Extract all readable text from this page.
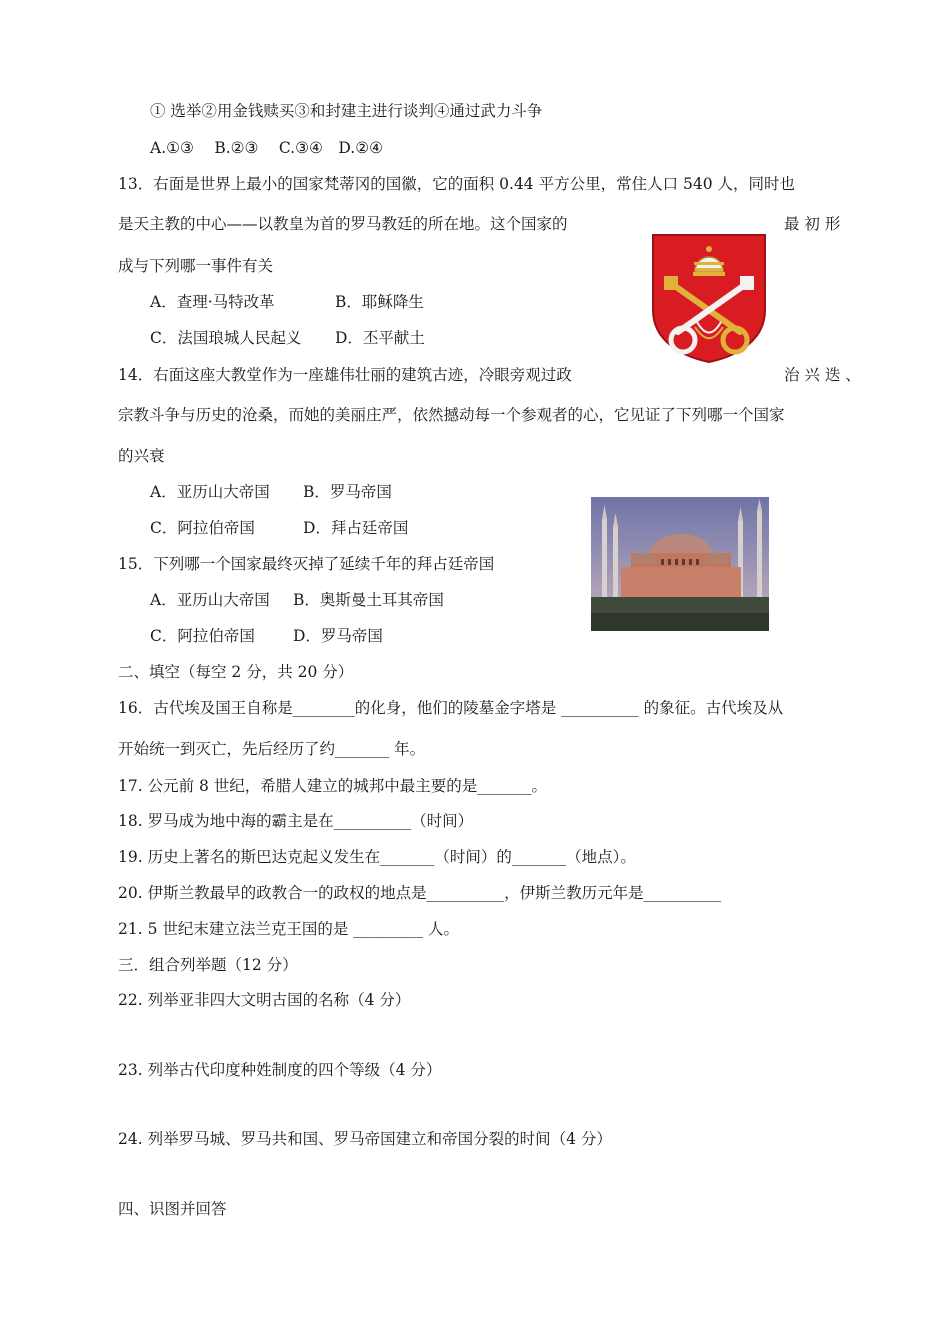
① 选举②用金钱赎买③和封建主进行谈判④通过武力斗争
A.①③　 B.②③　 C.③④　D.②④
13．右面是世界上最小的国家梵蒂冈的国徽，它的面积 0.44 平方公里，常住人口 540 人，同时也
是天主教的中心——以教皇为首的罗马教廷的所在地。这个国家的	最 初 形
成与下列哪一事件有关
A．查理·马特改革	B．耶稣降生
C．法国琅城人民起义 D．丕平献土
14．右面这座大教堂作为一座雄伟壮丽的建筑古迹，冷眼旁观过政	治 兴 迭 、
宗教斗争与历史的沧桑，而她的美丽庄严，依然撼动每一个参观者的心，它见证了下列哪一个国家
的兴衰
A．亚历山大帝国 B．罗马帝国
C．阿拉伯帝国	D．拜占廷帝国
15．下列哪一个国家最终灭掉了延续千年的拜占廷帝国
A．亚历山大帝国 B．奥斯曼土耳其帝国
C．阿拉伯帝国 D．罗马帝国
二、填空（每空 2 分，共 20 分）
16．古代埃及国王自称是________的化身，他们的陵墓金字塔是 __________ 的象征。古代埃及从
开始统一到灭亡，先后经历了约_______ 年。
17. 公元前 8 世纪，希腊人建立的城邦中最主要的是_______。
18. 罗马成为地中海的霸主是在__________（时间）
19. 历史上著名的斯巴达克起义发生在_______（时间）的_______（地点）。
20. 伊斯兰教最早的政教合一的政权的地点是__________，伊斯兰教历元年是__________
21. 5 世纪末建立法兰克王国的是 _________ 人。
三．组合列举题（12 分）
22. 列举亚非四大文明古国的名称（4 分）
23. 列举古代印度种姓制度的四个等级（4 分）
24. 列举罗马城、罗马共和国、罗马帝国建立和帝国分裂的时间（4 分）
四、识图并回答
